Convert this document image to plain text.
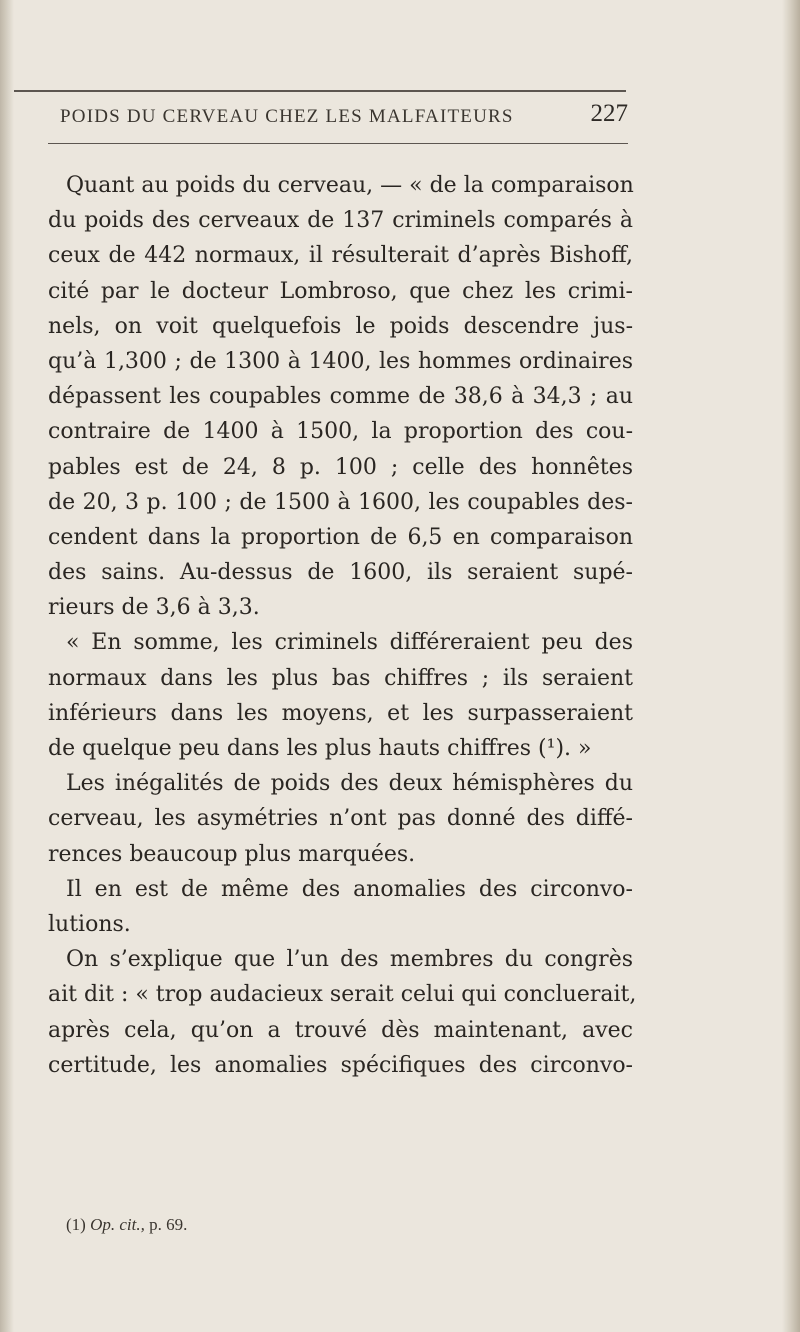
POIDS DU CERVEAU CHEZ LES MALFAITEURS	227
Quant au poids du cerveau, — « de la comparaison
du poids des cerveaux de 137 criminels comparés à
ceux de 442 normaux, il résulterait d’après Bishoff,
cité par le docteur Lombroso, que chez les crimi-
nels, on voit quelquefois le poids descendre jus-
qu’à 1,300 ; de 1300 à 1400, les hommes ordinaires
dépassent les coupables comme de 38,6 à 34,3 ; au
contraire de 1400 à 1500, la proportion des cou-
pables est de 24, 8 p. 100 ; celle des honnêtes
de 20, 3 p. 100 ; de 1500 à 1600, les coupables des-
cendent dans la proportion de 6,5 en comparaison
des sains. Au-dessus de 1600, ils seraient supé-
rieurs de 3,6 à 3,3.
« En somme, les criminels différeraient peu des
normaux dans les plus bas chiffres ; ils seraient
inférieurs dans les moyens, et les surpasseraient
de quelque peu dans les plus hauts chiffres (¹). »
Les inégalités de poids des deux hémisphères du
cerveau, les asymétries n’ont pas donné des diffé-
rences beaucoup plus marquées.
Il en est de même des anomalies des circonvo-
lutions.
On s’explique que l’un des membres du congrès
ait dit : « trop audacieux serait celui qui concluerait,
après cela, qu’on a trouvé dès maintenant, avec
certitude, les anomalies spécifiques des circonvo-
(1) Op. cit., p. 69.
